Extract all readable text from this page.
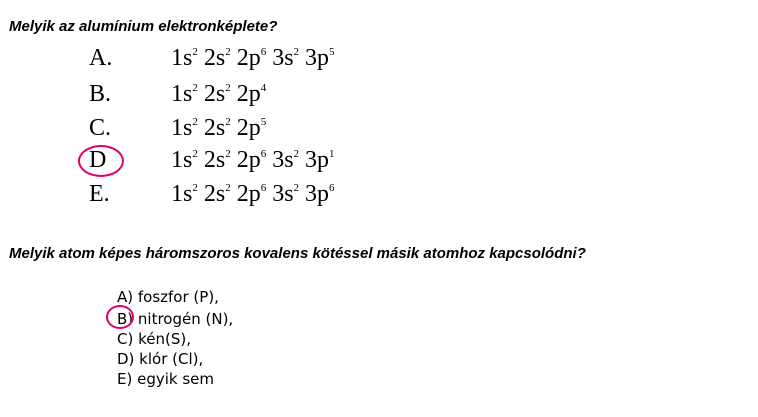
Melyik az alumínium elektronképlete?
A. $1s^2$ $2s^2$ $2p^6$ $3s^2$ $3p^5$
B. $1s^2$ $2s^2$ $2p^4$
C. $1s^2$ $2s^2$ $2p^5$
D	$1s^2$ $2s^2$ $2p^6$ $3s^2$ $3p^1$
E.	$1s^2$ $2s^2$ $2p^6$ $3s^2$ $3p^6$
Melyik atom képes háromszoros kovalens kötéssel másik atomhoz kapcsolódni?
A) foszfor (P),
B) nitrogén (N),
C) kén(S),
D) klór (Cl),
E) egyik sem
